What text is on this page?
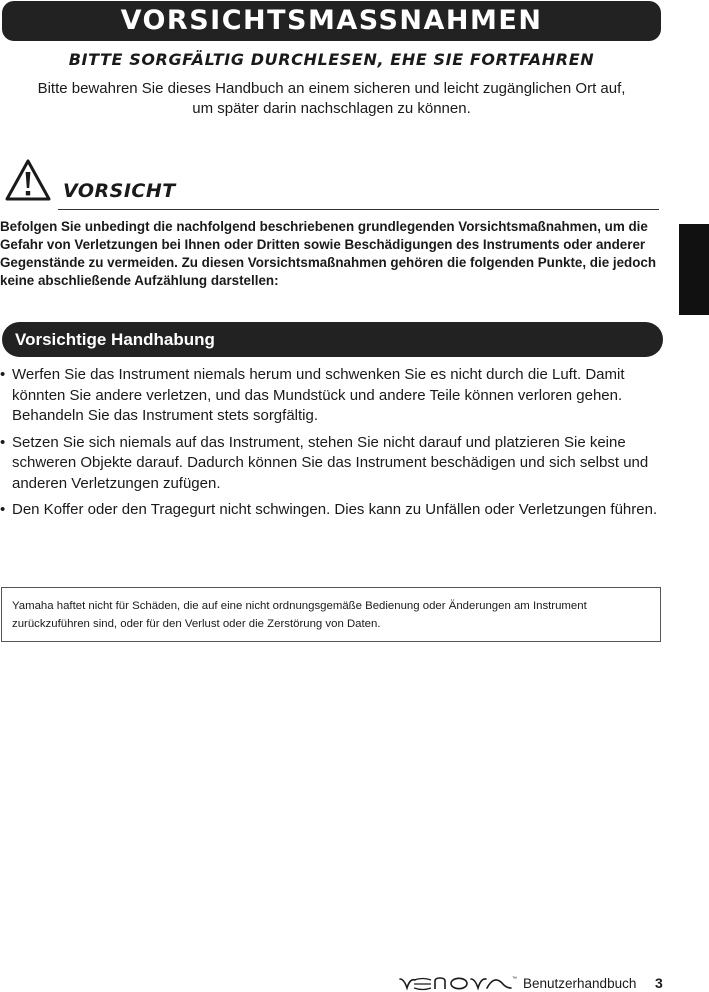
VORSICHTSMASSNAHMEN
BITTE SORGFÄLTIG DURCHLESEN, EHE SIE FORTFAHREN
Bitte bewahren Sie dieses Handbuch an einem sicheren und leicht zugänglichen Ort auf,
um später darin nachschlagen zu können.
VORSICHT
Befolgen Sie unbedingt die nachfolgend beschriebenen grundlegenden Vorsichtsmaßnahmen, um die Gefahr von Verletzungen bei Ihnen oder Dritten sowie Beschädigungen des Instruments oder anderer Gegenstände zu vermeiden. Zu diesen Vorsichtsmaßnahmen gehören die folgenden Punkte, die jedoch keine abschließende Aufzählung darstellen:
Vorsichtige Handhabung
• Werfen Sie das Instrument niemals herum und schwenken Sie es nicht durch die Luft. Damit könnten Sie andere verletzen, und das Mundstück und andere Teile können verloren gehen. Behandeln Sie das Instrument stets sorgfältig.
• Setzen Sie sich niemals auf das Instrument, stehen Sie nicht darauf und platzieren Sie keine schweren Objekte darauf. Dadurch können Sie das Instrument beschädigen und sich selbst und anderen Verletzungen zufügen.
• Den Koffer oder den Tragegurt nicht schwingen. Dies kann zu Unfällen oder Verletzungen führen.
Yamaha haftet nicht für Schäden, die auf eine nicht ordnungsgemäße Bedienung oder Änderungen am Instrument zurückzuführen sind, oder für den Verlust oder die Zerstörung von Daten.
™ Benutzerhandbuch 3
